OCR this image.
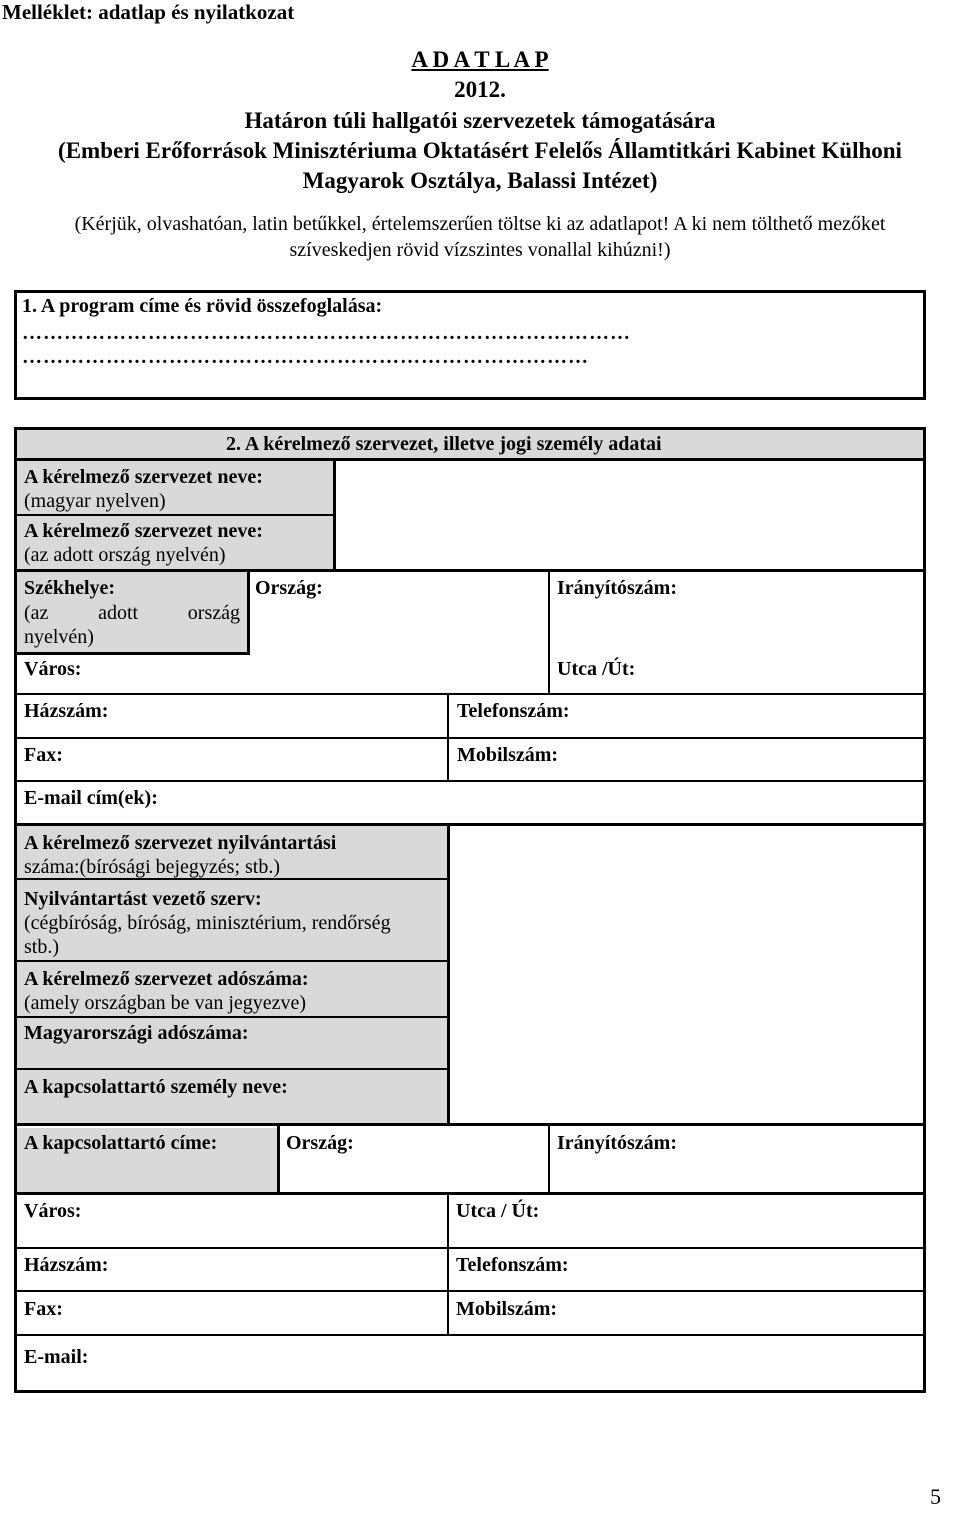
Melléklet: adatlap és nyilatkozat
A D A T L A P
2012.
Határon túli hallgatói szervezetek támogatására
(Emberi Erőforrások Minisztériuma Oktatásért Felelős Államtitkári Kabinet Külhoni
Magyarok Osztálya, Balassi Intézet)
(Kérjük, olvashatóan, latin betűkkel, értelemszerűen töltse ki az adatlapot! A ki nem tölthető mezőket
szíveskedjen rövid vízszintes vonallal kihúzni!)
1. A program címe és rövid összefoglalása:
……………………………………………………………………………
………………………………………………………………………
2. A kérelmező szervezet, illetve jogi személy adatai
A kérelmező szervezet neve:
(magyar nyelven)
A kérelmező szervezet neve:
(az adott ország nyelvén)
Székhelye:
(az adott ország
nyelvén)
Ország:	Irányítószám:
Város:	Utca /Út:
Házszám:	Telefonszám:
Fax:	Mobilszám:
E-mail cím(ek):
A kérelmező szervezet nyilvántartási
száma:(bírósági bejegyzés; stb.)
Nyilvántartást vezető szerv:
(cégbíróság, bíróság, minisztérium, rendőrség
stb.)
A kérelmező szervezet adószáma:
(amely országban be van jegyezve)
Magyarországi adószáma:
A kapcsolattartó személy neve:
A kapcsolattartó címe:	Ország:	Irányítószám:
Város:	Utca / Út:
Házszám:	Telefonszám:
Fax:	Mobilszám:
E-mail:
5
